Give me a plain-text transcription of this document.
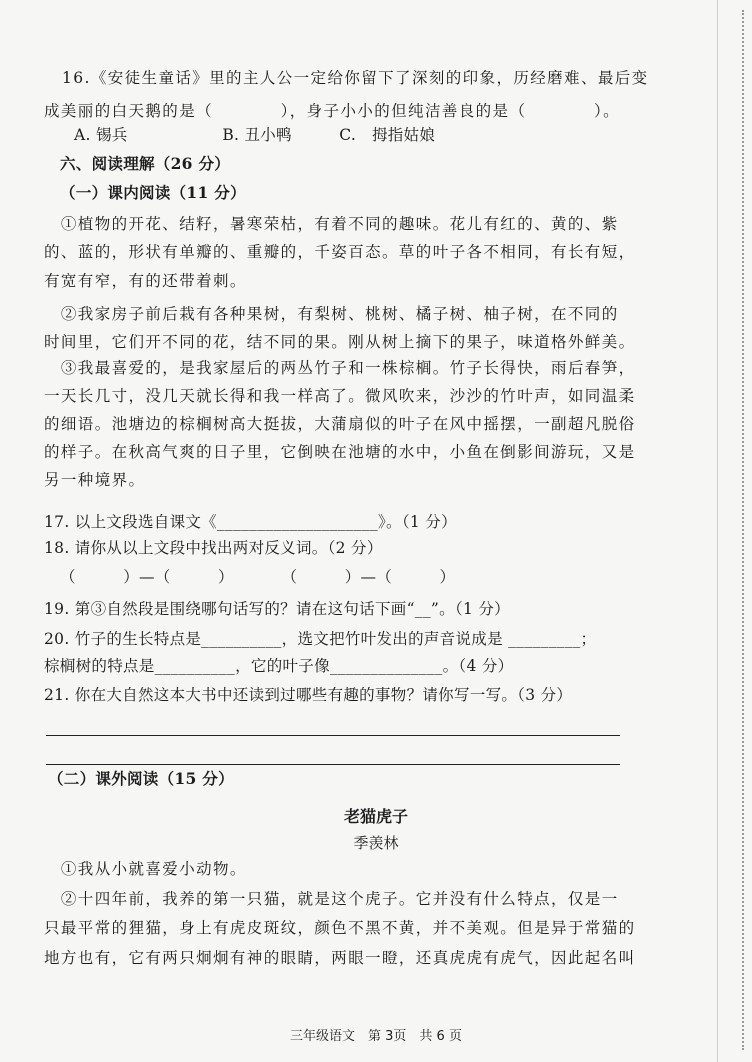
16.《安徒生童话》里的主人公一定给你留下了深刻的印象，历经磨难、最后变
成美丽的白天鹅的是（　　　　），身子小小的但纯洁善良的是（　　　　）。
A. 锡兵　　　　　　B. 丑小鸭　　　C.　拇指姑娘
六、阅读理解（26 分）
（一）课内阅读（11 分）
　①植物的开花、结籽，暑寒荣枯，有着不同的趣味。花儿有红的、黄的、紫
的、蓝的，形状有单瓣的、重瓣的，千姿百态。草的叶子各不相同，有长有短，
有宽有窄，有的还带着刺。
　②我家房子前后栽有各种果树，有梨树、桃树、橘子树、柚子树，在不同的
时间里，它们开不同的花，结不同的果。刚从树上摘下的果子，味道格外鲜美。
　③我最喜爱的，是我家屋后的两丛竹子和一株棕榈。竹子长得快，雨后春笋，
一天长几寸，没几天就长得和我一样高了。微风吹来，沙沙的竹叶声，如同温柔
的细语。池塘边的棕榈树高大挺拔，大蒲扇似的叶子在风中摇摆，一副超凡脱俗
的样子。在秋高气爽的日子里，它倒映在池塘的水中，小鱼在倒影间游玩，又是
另一种境界。
17. 以上文段选自课文《____________________》。（1 分）
18. 请你从以上文段中找出两对反义词。（2 分）
（　　　）—（　　　）　　　　（　　　）—（　　　）
19. 第③自然段是围绕哪句话写的？请在这句话下画“__”。（1 分）
20. 竹子的生长特点是__________，选文把竹叶发出的声音说成是 _________；
棕榈树的特点是__________，它的叶子像______________。（4 分）
21. 你在大自然这本大书中还读到过哪些有趣的事物？请你写一写。（3 分）
（二）课外阅读（15 分）
老猫虎子
季羡林
　①我从小就喜爱小动物。
　②十四年前，我养的第一只猫，就是这个虎子。它并没有什么特点，仅是一
只最平常的狸猫，身上有虎皮斑纹，颜色不黑不黄，并不美观。但是异于常猫的
地方也有，它有两只炯炯有神的眼睛，两眼一瞪，还真虎虎有虎气，因此起名叫
三年级语文　第 3页　共 6 页
